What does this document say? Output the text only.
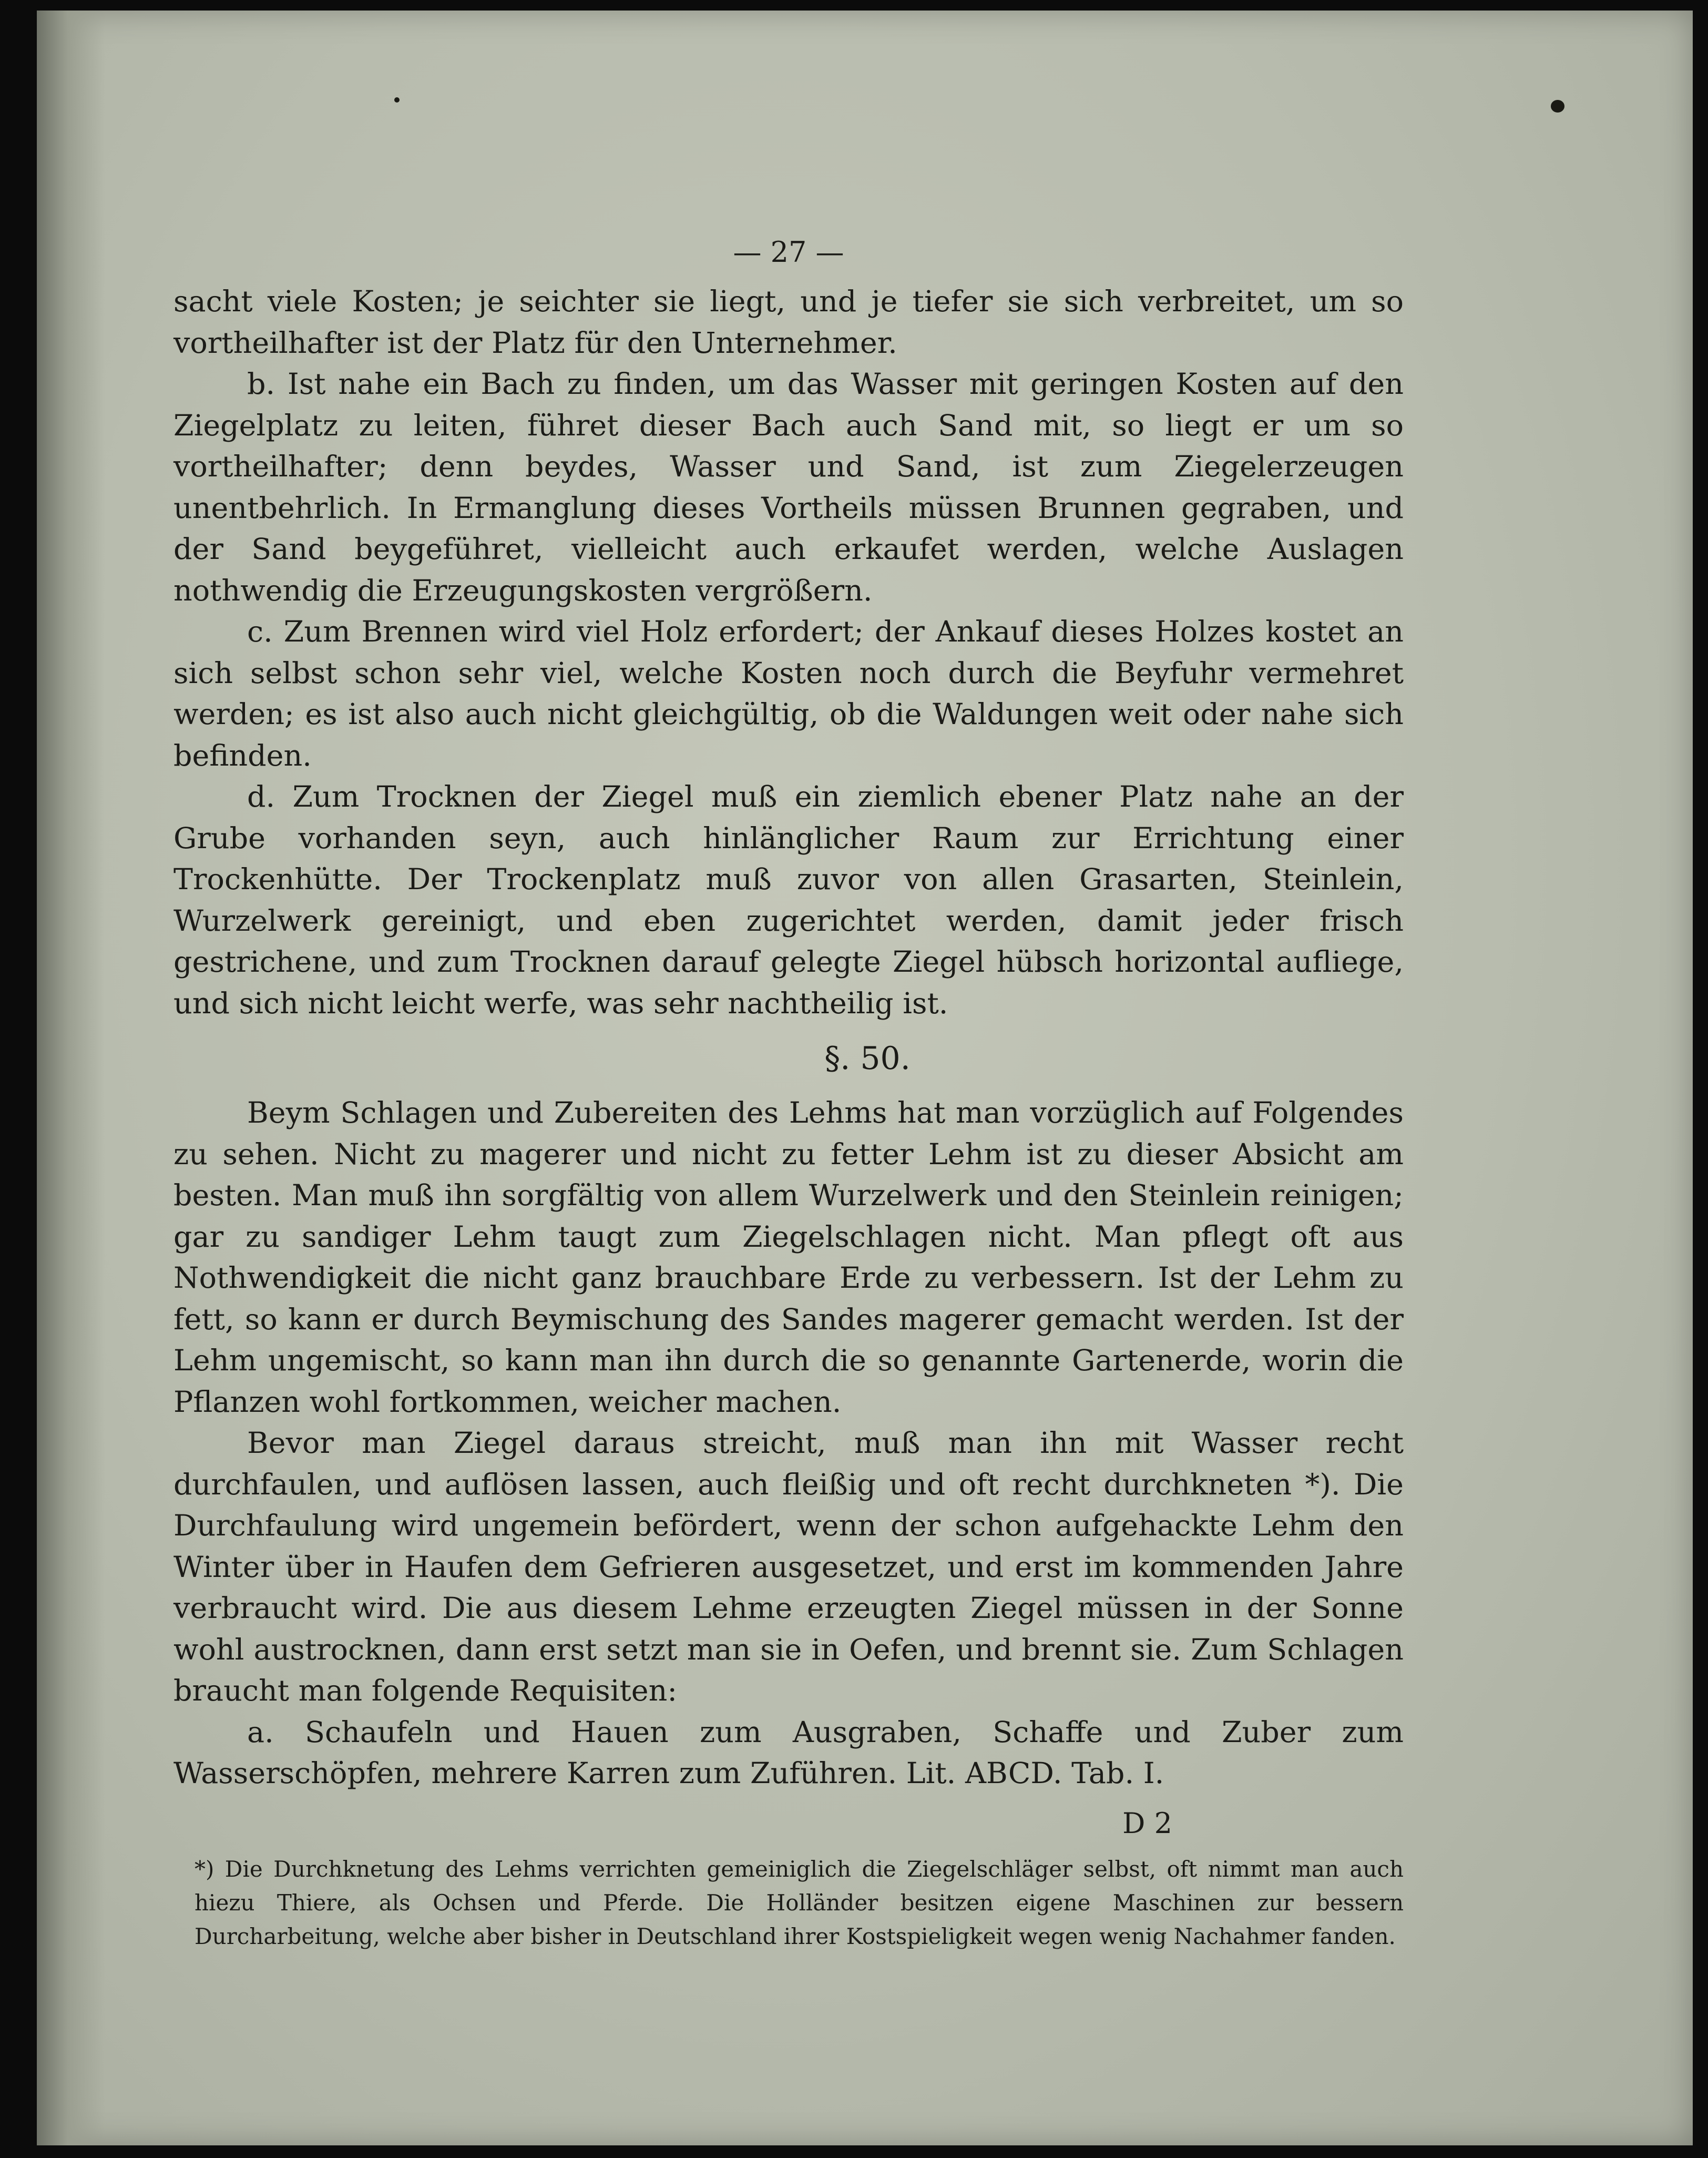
— 27 —

sacht viele Kosten; je seichter sie liegt, und je tiefer sie sich verbreitet, um so vortheilhafter ist der Platz für den Unternehmer.

b. Ist nahe ein Bach zu finden, um das Wasser mit geringen Kosten auf den Ziegelplatz zu leiten, führet dieser Bach auch Sand mit, so liegt er um so vortheilhafter; denn beydes, Wasser und Sand, ist zum Ziegelerzeugen unentbehrlich. In Ermanglung dieses Vortheils müssen Brunnen gegraben, und der Sand beygeführet, vielleicht auch erkaufet werden, welche Auslagen nothwendig die Erzeugungskosten vergrößern.

c. Zum Brennen wird viel Holz erfordert; der Ankauf dieses Holzes kostet an sich selbst schon sehr viel, welche Kosten noch durch die Beyfuhr vermehret werden; es ist also auch nicht gleichgültig, ob die Waldungen weit oder nahe sich befinden.

d. Zum Trocknen der Ziegel muß ein ziemlich ebener Platz nahe an der Grube vorhanden seyn, auch hinlänglicher Raum zur Errichtung einer Trockenhütte. Der Trockenplatz muß zuvor von allen Grasarten, Steinlein, Wurzelwerk gereinigt, und eben zugerichtet werden, damit jeder frisch gestrichene, und zum Trocknen darauf gelegte Ziegel hübsch horizontal aufliege, und sich nicht leicht werfe, was sehr nachtheilig ist.

§. 50.

Beym Schlagen und Zubereiten des Lehms hat man vorzüglich auf Folgendes zu sehen. Nicht zu magerer und nicht zu fetter Lehm ist zu dieser Absicht am besten. Man muß ihn sorgfältig von allem Wurzelwerk und den Steinlein reinigen; gar zu sandiger Lehm taugt zum Ziegelschlagen nicht. Man pflegt oft aus Nothwendigkeit die nicht ganz brauchbare Erde zu verbessern. Ist der Lehm zu fett, so kann er durch Beymischung des Sandes magerer gemacht werden. Ist der Lehm ungemischt, so kann man ihn durch die so genannte Gartenerde, worin die Pflanzen wohl fortkommen, weicher machen.

Bevor man Ziegel daraus streicht, muß man ihn mit Wasser recht durchfaulen, und auflösen lassen, auch fleißig und oft recht durchkneten *). Die Durchfaulung wird ungemein befördert, wenn der schon aufgehackte Lehm den Winter über in Haufen dem Gefrieren ausgesetzet, und erst im kommenden Jahre verbraucht wird. Die aus diesem Lehme erzeugten Ziegel müssen in der Sonne wohl austrocknen, dann erst setzt man sie in Oefen, und brennt sie. Zum Schlagen braucht man folgende Requisiten:

a. Schaufeln und Hauen zum Ausgraben, Schaffe und Zuber zum Wasserschöpfen, mehrere Karren zum Zuführen. Lit. ABCD. Tab. I.

D 2

*) Die Durchknetung des Lehms verrichten gemeiniglich die Ziegelschläger selbst, oft nimmt man auch hiezu Thiere, als Ochsen und Pferde. Die Holländer besitzen eigene Maschinen zur bessern Durcharbeitung, welche aber bisher in Deutschland ihrer Kostspieligkeit wegen wenig Nachahmer fanden.
